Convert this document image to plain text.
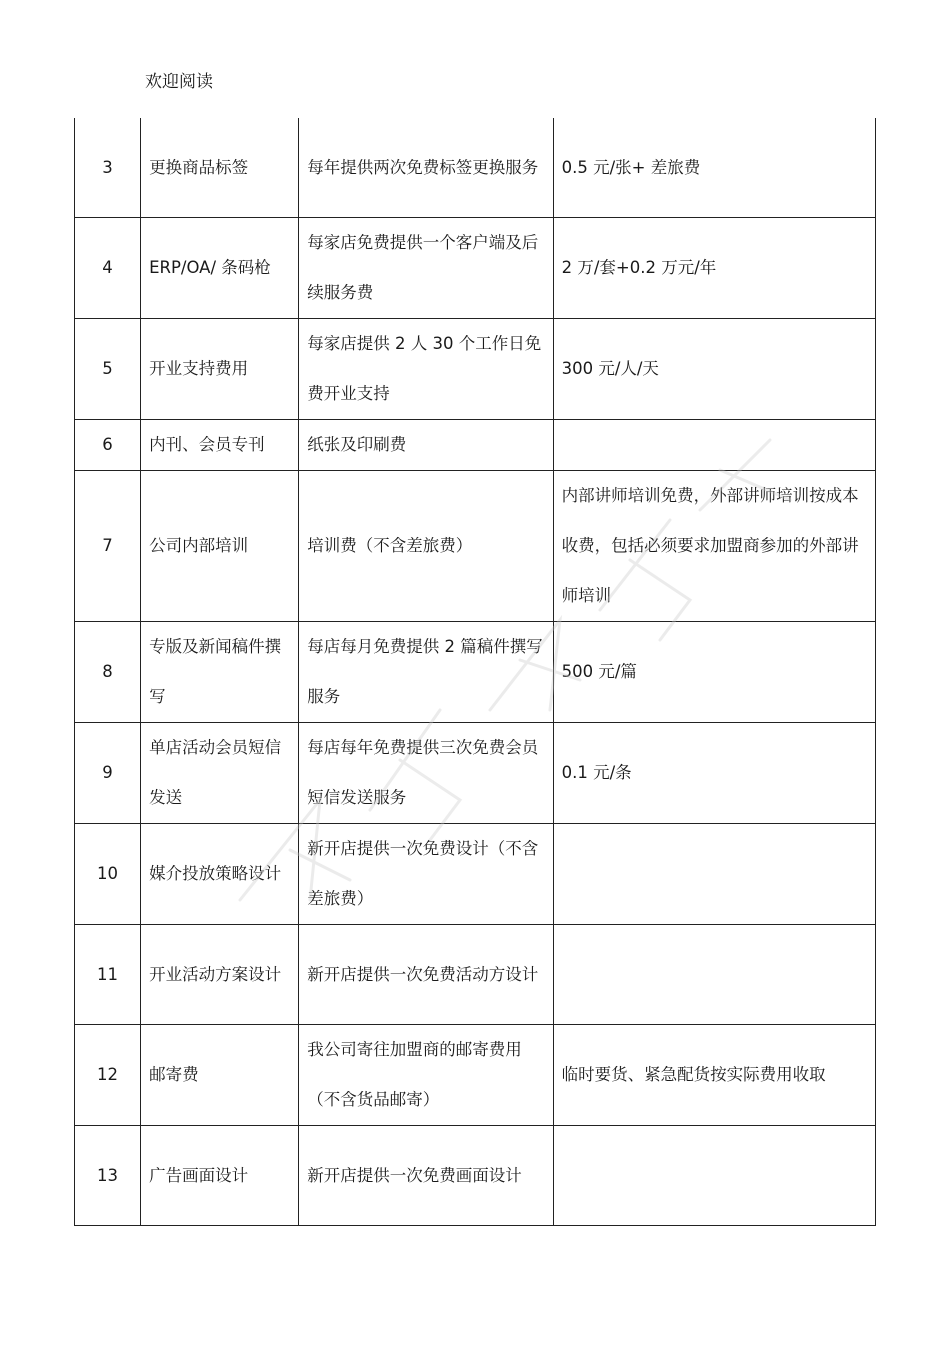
欢迎阅读
3	更换商品标签	每年提供两次免费标签更换服务	0.5 元/张+ 差旅费
4	ERP/OA/ 条码枪	每家店免费提供一个客户端及后续服务费	2 万/套+0.2 万元/年
5	开业支持费用	每家店提供 2 人 30 个工作日免费开业支持	300 元/人/天
6	内刊、会员专刊	纸张及印刷费	
7	公司内部培训	培训费（不含差旅费）	内部讲师培训免费，外部讲师培训按成本收费，包括必须要求加盟商参加的外部讲师培训
8	专版及新闻稿件撰写	每店每月免费提供 2 篇稿件撰写服务	500 元/篇
9	单店活动会员短信发送	每店每年免费提供三次免费会员短信发送服务	0.1 元/条
10	媒介投放策略设计	新开店提供一次免费设计（不含差旅费）	
11	开业活动方案设计	新开店提供一次免费活动方设计	
12	邮寄费	我公司寄往加盟商的邮寄费用（不含货品邮寄）	临时要货、紧急配货按实际费用收取
13	广告画面设计	新开店提供一次免费画面设计	
